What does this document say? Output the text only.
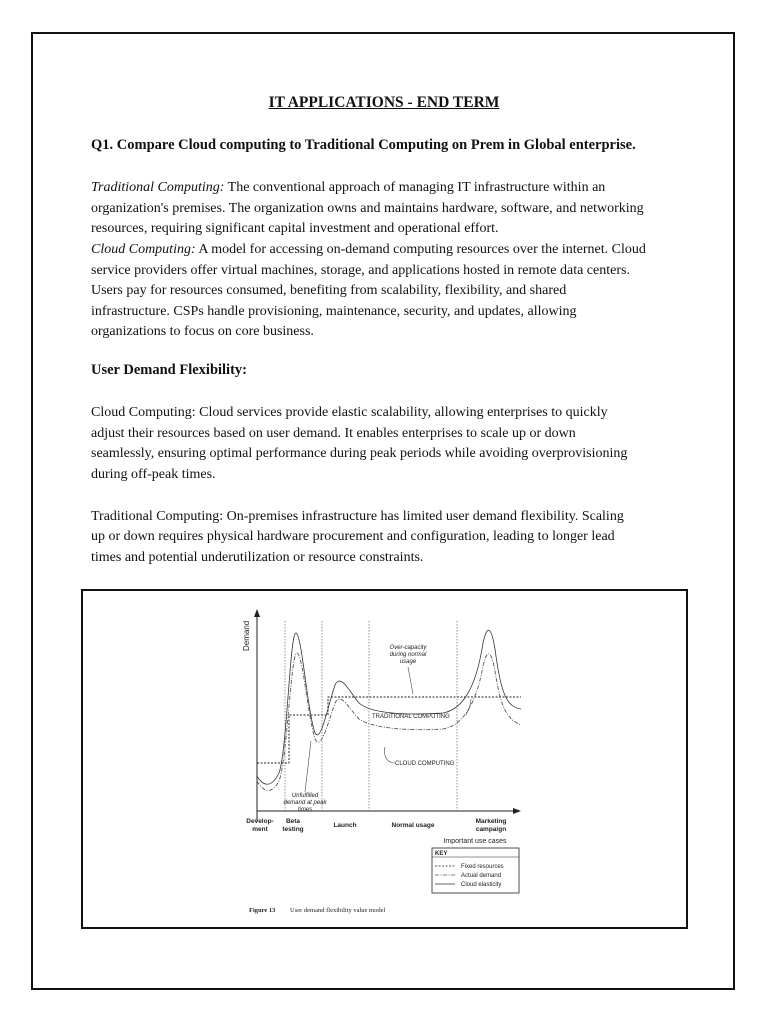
IT APPLICATIONS - END TERM
Q1. Compare Cloud computing to Traditional Computing on Prem in Global enterprise.
Traditional Computing: The conventional approach of managing IT infrastructure within an
organization's premises. The organization owns and maintains hardware, software, and networking
resources, requiring significant capital investment and operational effort.
Cloud Computing: A model for accessing on-demand computing resources over the internet. Cloud
service providers offer virtual machines, storage, and applications hosted in remote data centers.
Users pay for resources consumed, benefiting from scalability, flexibility, and shared
infrastructure. CSPs handle provisioning, maintenance, security, and updates, allowing
organizations to focus on core business.
User Demand Flexibility:
Cloud Computing: Cloud services provide elastic scalability, allowing enterprises to quickly
adjust their resources based on user demand. It enables enterprises to scale up or down
seamlessly, ensuring optimal performance during peak periods while avoiding overprovisioning
during off-peak times.
Traditional Computing: On-premises infrastructure has limited user demand flexibility. Scaling
up or down requires physical hardware procurement and configuration, leading to longer lead
times and potential underutilization or resource constraints.
Demand	Over-capacity
during normal
usage
TRADITIONAL COMPUTING
CLOUD COMPUTING
Unfulfilled
demand at peak
times
Develop-
ment
Beta
testing
Launch	Normal usage
Marketing
campaign
Important use cases
KEY
Fixed resources
Actual demand
Cloud elasticity
Figure 13 User demand flexibility value model
